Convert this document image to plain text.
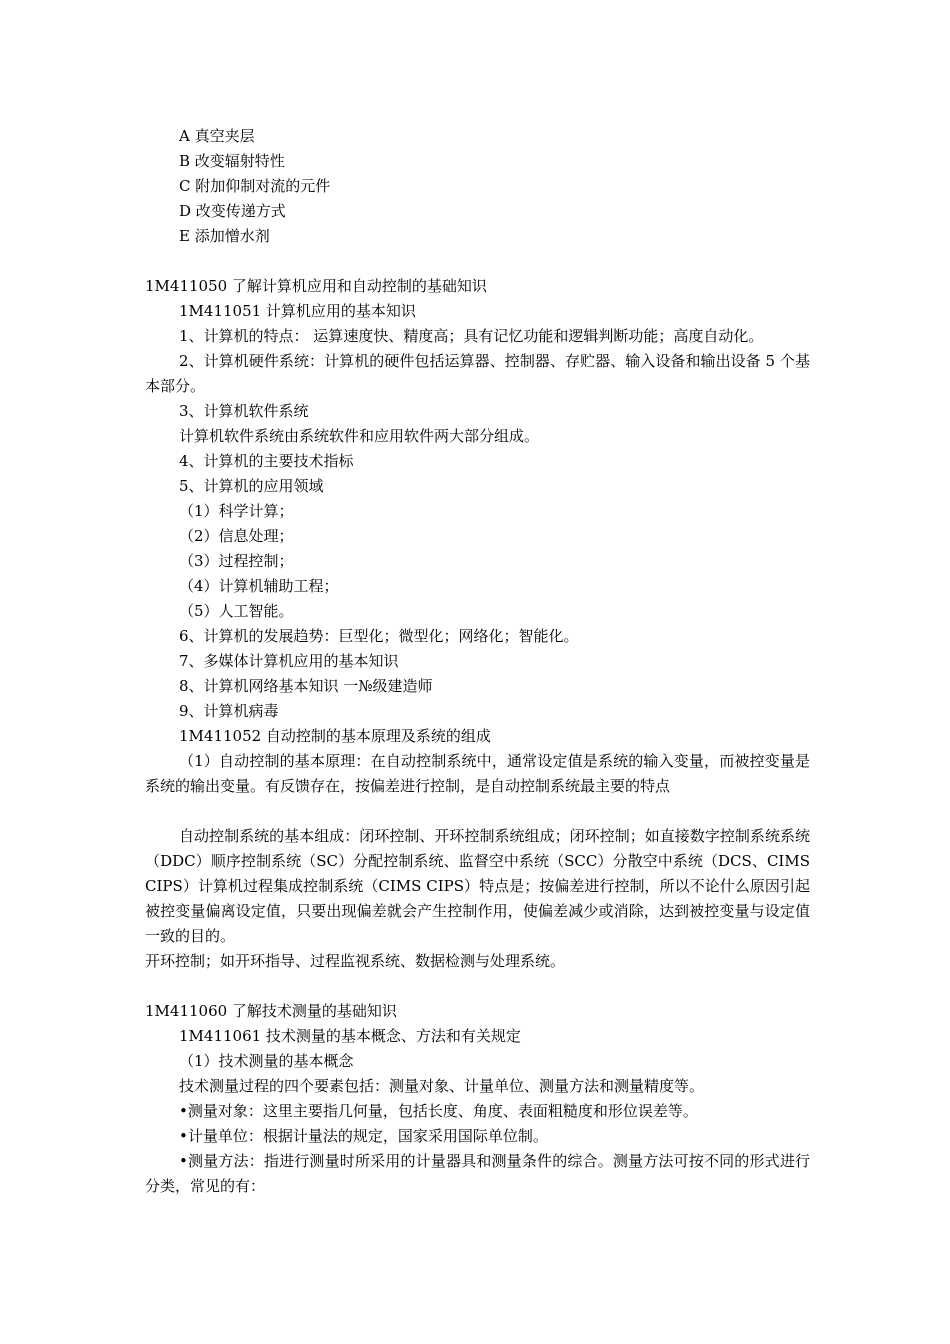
A 真空夹层

B 改变辐射特性

C 附加仰制对流的元件

D 改变传递方式

E 添加憎水剂

1M411050 了解计算机应用和自动控制的基础知识

1M411051 计算机应用的基本知识

1、计算机的特点： 运算速度快、精度高；具有记忆功能和逻辑判断功能；高度自动化。

2、计算机硬件系统：计算机的硬件包括运算器、控制器、存贮器、输入设备和输出设备 5 个基本部分。

3、计算机软件系统

计算机软件系统由系统软件和应用软件两大部分组成。

4、计算机的主要技术指标

5、计算机的应用领域

（1）科学计算；

（2）信息处理；

（3）过程控制；

（4）计算机辅助工程；

（5）人工智能。

6、计算机的发展趋势：巨型化；微型化；网络化；智能化。

7、多媒体计算机应用的基本知识

8、计算机网络基本知识 一№级建造师

9、计算机病毒

1M411052 自动控制的基本原理及系统的组成

（1）自动控制的基本原理：在自动控制系统中，通常设定值是系统的输入变量，而被控变量是系统的输出变量。有反馈存在，按偏差进行控制，是自动控制系统最主要的特点

自动控制系统的基本组成：闭环控制、开环控制系统组成；闭环控制；如直接数字控制系统系统（DDC）顺序控制系统（SC）分配控制系统、监督空中系统（SCC）分散空中系统（DCS、CIMS CIPS）计算机过程集成控制系统（CIMS CIPS）特点是；按偏差进行控制，所以不论什么原因引起被控变量偏离设定值，只要出现偏差就会产生控制作用，使偏差减少或消除，达到被控变量与设定值一致的目的。

开环控制；如开环指导、过程监视系统、数据检测与处理系统。

1M411060 了解技术测量的基础知识

1M411061 技术测量的基本概念、方法和有关规定

（1）技术测量的基本概念

技术测量过程的四个要素包括：测量对象、计量单位、测量方法和测量精度等。

•测量对象：这里主要指几何量，包括长度、角度、表面粗糙度和形位误差等。

•计量单位：根据计量法的规定，国家采用国际单位制。

•测量方法：指进行测量时所采用的计量器具和测量条件的综合。测量方法可按不同的形式进行分类，常见的有：
